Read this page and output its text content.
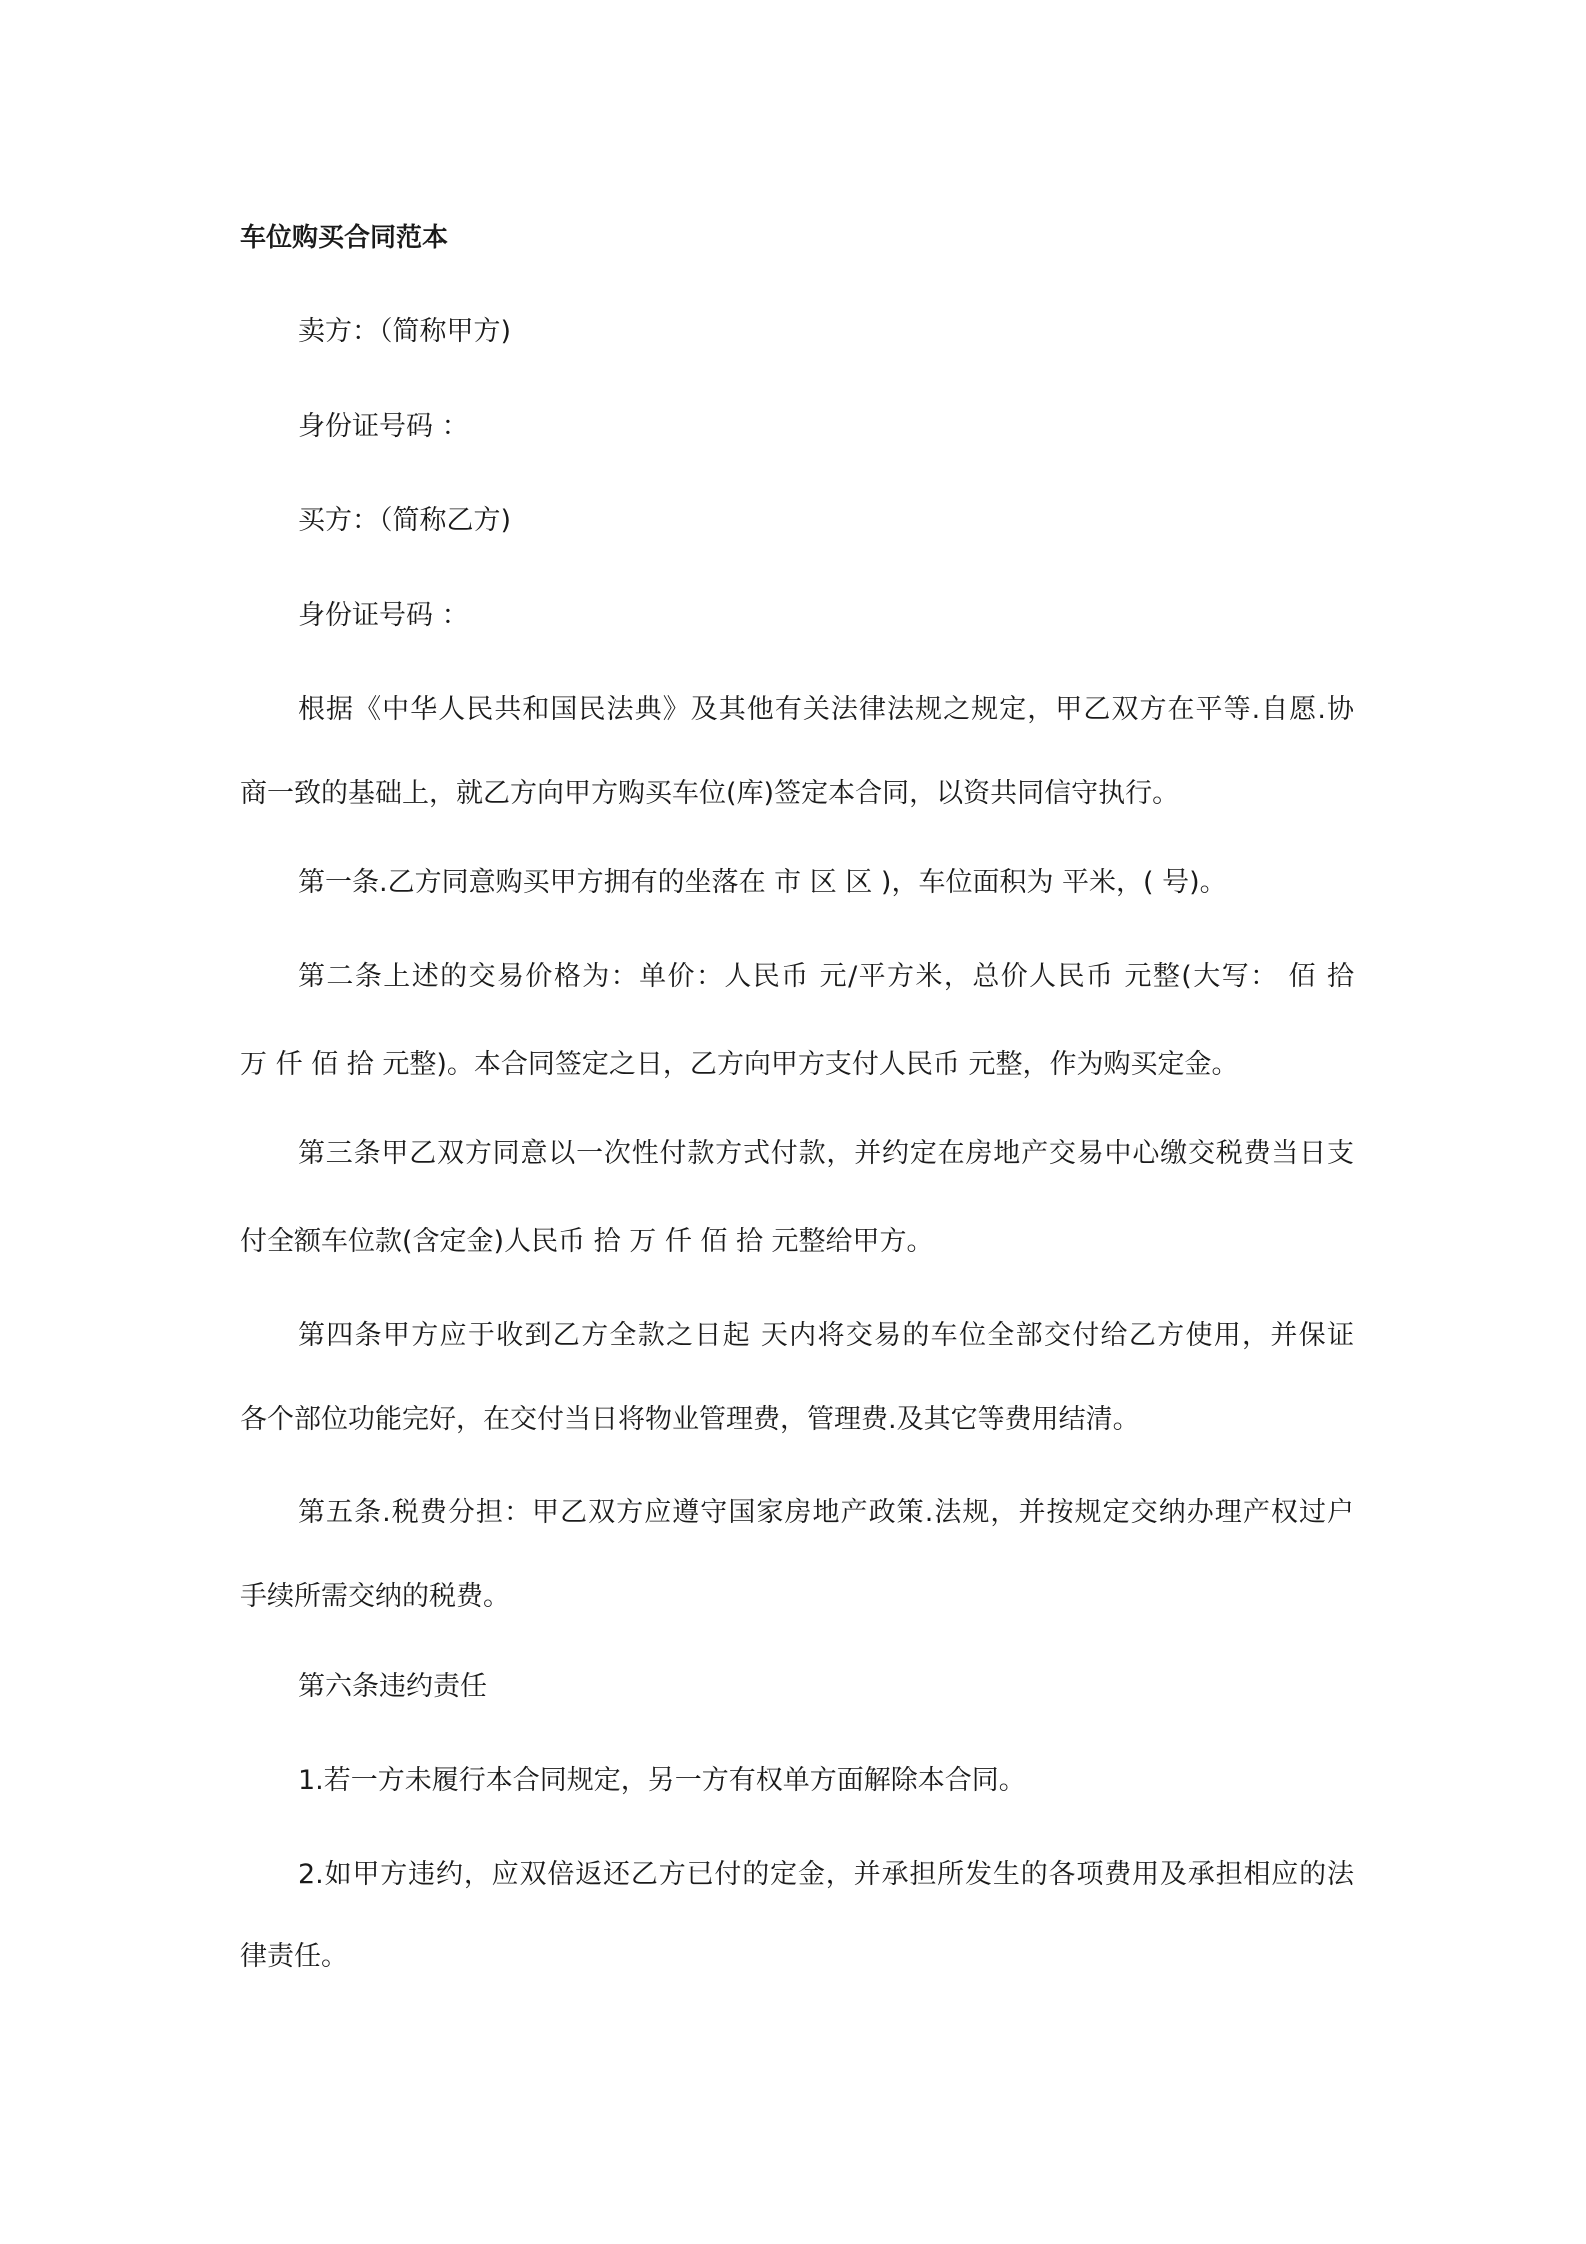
车位购买合同范本
卖方：（简称甲方)
身份证号码 ：
买方：（简称乙方)
身份证号码 ：
根据《中华人民共和国民法典》及其他有关法律法规之规定，甲乙双方在平等.自愿.协
商一致的基础上，就乙方向甲方购买车位(库)签定本合同，以资共同信守执行。
第一条.乙方同意购买甲方拥有的坐落在 市 区 区 )，车位面积为 平米，( 号)。
第二条上述的交易价格为：单价：人民币 元/平方米，总价人民币 元整(大写： 佰 拾
万 仟 佰 拾 元整)。本合同签定之日，乙方向甲方支付人民币 元整，作为购买定金。
第三条甲乙双方同意以一次性付款方式付款，并约定在房地产交易中心缴交税费当日支
付全额车位款(含定金)人民币 拾 万 仟 佰 拾 元整给甲方。
第四条甲方应于收到乙方全款之日起 天内将交易的车位全部交付给乙方使用，并保证
各个部位功能完好，在交付当日将物业管理费，管理费.及其它等费用结清。
第五条.税费分担：甲乙双方应遵守国家房地产政策.法规，并按规定交纳办理产权过户
手续所需交纳的税费。
第六条违约责任
1.若一方未履行本合同规定，另一方有权单方面解除本合同。
2.如甲方违约，应双倍返还乙方已付的定金，并承担所发生的各项费用及承担相应的法
律责任。
